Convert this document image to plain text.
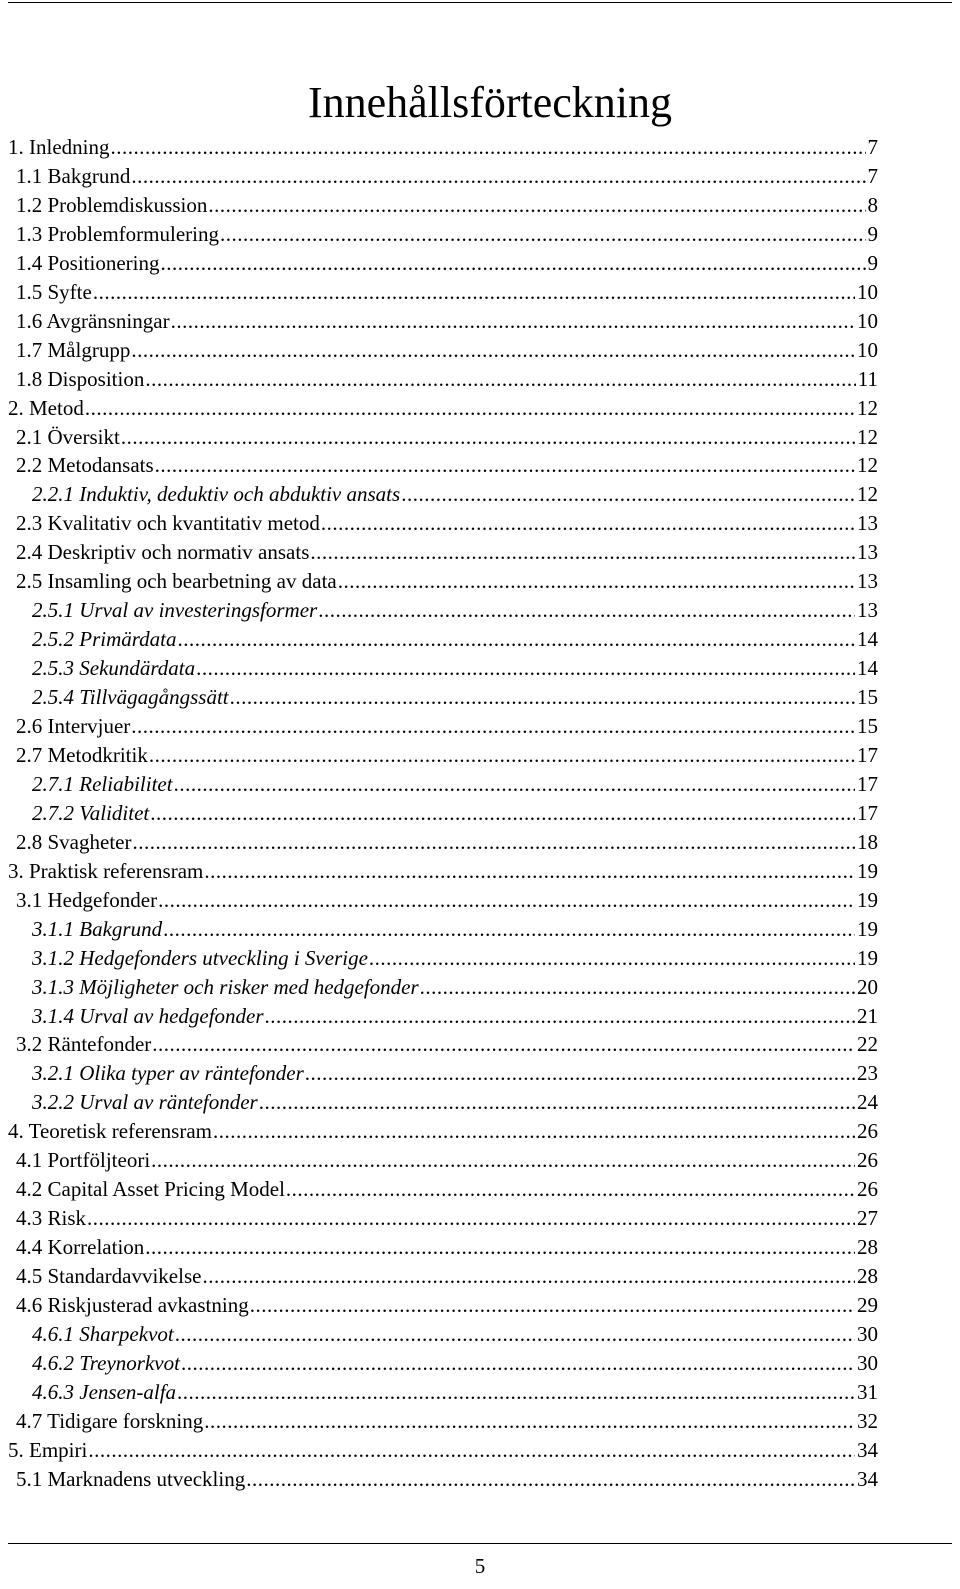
Innehållsförteckning
1. Inledning .....	7
1.1 Bakgrund .....	7
1.2 Problemdiskussion .....	8
1.3 Problemformulering .....	9
1.4 Positionering .....	9
1.5 Syfte .....	10
1.6 Avgränsningar .....	10
1.7 Målgrupp .....	10
1.8 Disposition .....	11
2. Metod .....	12
2.1 Översikt .....	12
2.2 Metodansats .....	12
2.2.1 Induktiv, deduktiv och abduktiv ansats .....	12
2.3 Kvalitativ och kvantitativ metod .....	13
2.4 Deskriptiv och normativ ansats .....	13
2.5 Insamling och bearbetning av data .....	13
2.5.1 Urval av investeringsformer .....	13
2.5.2 Primärdata .....	14
2.5.3 Sekundärdata .....	14
2.5.4 Tillvägagångssätt .....	15
2.6 Intervjuer .....	15
2.7 Metodkritik .....	17
2.7.1 Reliabilitet .....	17
2.7.2 Validitet .....	17
2.8 Svagheter .....	18
3. Praktisk referensram .....	19
3.1 Hedgefonder .....	19
3.1.1 Bakgrund .....	19
3.1.2 Hedgefonders utveckling i Sverige .....	19
3.1.3 Möjligheter och risker med hedgefonder .....	20
3.1.4 Urval av hedgefonder .....	21
3.2 Räntefonder .....	22
3.2.1 Olika typer av räntefonder .....	23
3.2.2 Urval av räntefonder .....	24
4. Teoretisk referensram .....	26
4.1 Portföljteori .....	26
4.2 Capital Asset Pricing Model .....	26
4.3 Risk .....	27
4.4 Korrelation .....	28
4.5 Standardavvikelse .....	28
4.6 Riskjusterad avkastning .....	29
4.6.1 Sharpekvot .....	30
4.6.2 Treynorkvot .....	30
4.6.3 Jensen-alfa .....	31
4.7 Tidigare forskning .....	32
5. Empiri .....	34
5.1 Marknadens utveckling .....	34
5
